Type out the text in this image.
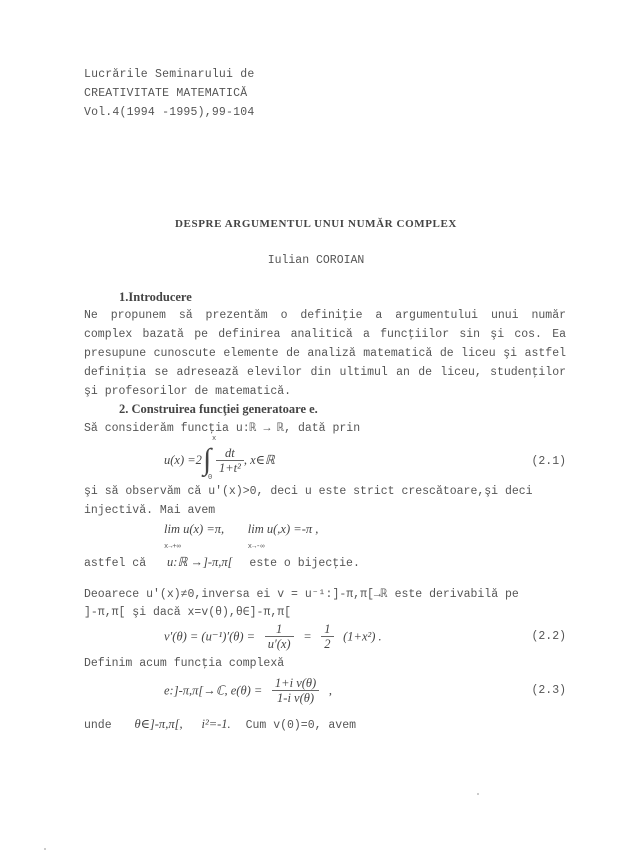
Lucrările Seminarului de
CREATIVITATE MATEMATICĂ
Vol.4(1994 -1995),99-104
DESPRE ARGUMENTUL UNUI NUMĂR COMPLEX
Iulian COROIAN
1.Introducere
Ne propunem să prezentăm o definiţie a argumentului unui număr complex bazată pe definirea analitică a funcţiilor sin şi cos. Ea presupune cunoscute elemente de analiză matematică de liceu şi astfel definiţia se adresează elevilor din ultimul an de liceu, studenţilor şi profesorilor de matematică.
2. Construirea funcţiei generatoare e.
Să considerăm funcţia u:ℝ → ℝ, dată prin
u(x) =2 ∫
x
0
$\frac{dt}{\text{1+t²}}$ , x∈ℝ	(2.1)
şi să observăm că u'(x)>0, deci u este strict crescătoare,şi deci
injectivă. Mai avem
lim u(x) =π,
x→+∞ lim u(,x) =-π ,
x→-∞
astfel că u:ℝ →]-π,π[ este o bijecţie.
Deoarece u'(x)≠0,inversa ei v = u⁻¹:]-π,π[→ℝ este derivabilă pe
]-π,π[ şi dacă x=v(θ),θ∈]-π,π[
$v'(\theta) = (u^{-1})'(\theta) = \frac{1}{u'(x)} = \frac{1}{2} (1+x^2)$ .	(2.2)
Definim acum funcţia complexă
e:]-π,π[→ℂ, $e(\theta) = \frac{\text{1+i v(θ)}}{\text{1-i v(θ)}}$ ,	(2.3)
unde θ∈]-π,π[, i²=-1. Cum v(0)=0, avem
